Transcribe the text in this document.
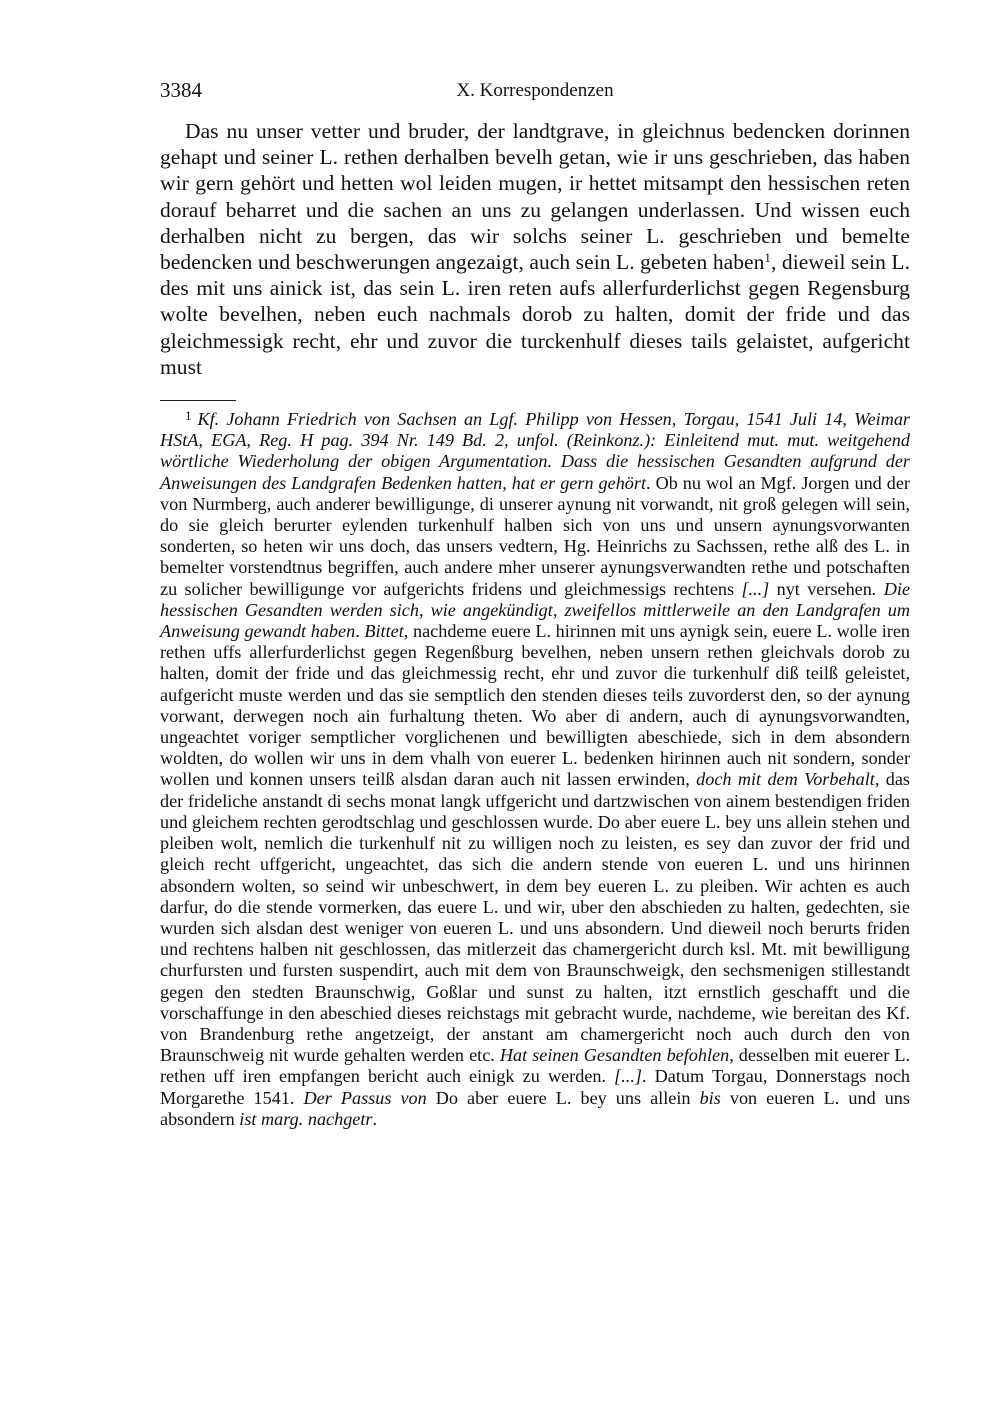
3384	X. Korrespondenzen

Das nu unser vetter und bruder, der landtgrave, in gleichnus bedencken dorinnen gehapt und seiner L. rethen derhalben bevelh getan, wie ir uns geschrieben, das haben wir gern gehört und hetten wol leiden mugen, ir hettet mitsampt den hessischen reten dorauf beharret und die sachen an uns zu gelangen underlassen. Und wissen euch derhalben nicht zu bergen, das wir solchs seiner L. geschrieben und bemelte bedencken und beschwerungen angezaigt, auch sein L. gebeten haben$^1$, dieweil sein L. des mit uns ainick ist, das sein L. iren reten aufs allerfurderlichst gegen Regensburg wolte bevelhen, neben euch nachmals dorob zu halten, domit der fride und das gleichmessigk recht, ehr und zuvor die turckenhulf dieses tails gelaistet, aufgericht must

$^1$ Kf. Johann Friedrich von Sachsen an Lgf. Philipp von Hessen, Torgau, 1541 Juli 14, Weimar HStA, EGA, Reg. H pag. 394 Nr. 149 Bd. 2, unfol. (Reinkonz.): Einleitend mut. mut. weitgehend wörtliche Wiederholung der obigen Argumentation. Dass die hessischen Gesandten aufgrund der Anweisungen des Landgrafen Bedenken hatten, hat er gern gehört. Ob nu wol an Mgf. Jorgen und der von Nurmberg, auch anderer bewilligunge, di unserer aynung nit vorwandt, nit groß gelegen will sein, do sie gleich berurter eylenden turkenhulf halben sich von uns und unsern aynungsvorwanten sonderten, so heten wir uns doch, das unsers vedtern, Hg. Heinrichs zu Sachssen, rethe alß des L. in bemelter vorstendtnus begriffen, auch andere mher unserer aynungsverwandten rethe und potschaften zu solicher bewilligunge vor aufgerichts fridens und gleichmessigs rechtens [...] nyt versehen. Die hessischen Gesandten werden sich, wie angekündigt, zweifellos mittlerweile an den Landgrafen um Anweisung gewandt haben. Bittet, nachdeme euere L. hirinnen mit uns aynigk sein, euere L. wolle iren rethen uffs allerfurderlichst gegen Regenßburg bevelhen, neben unsern rethen gleichvals dorob zu halten, domit der fride und das gleichmessig recht, ehr und zuvor die turkenhulf diß teilß geleistet, aufgericht muste werden und das sie semptlich den stenden dieses teils zuvorderst den, so der aynung vorwant, derwegen noch ain furhaltung theten. Wo aber di andern, auch di aynungsvorwandten, ungeachtet voriger semptlicher vorglichenen und bewilligten abeschiede, sich in dem absondern woldten, do wollen wir uns in dem vhalh von euerer L. bedenken hirinnen auch nit sondern, sonder wollen und konnen unsers teilß alsdan daran auch nit lassen erwinden, doch mit dem Vorbehalt, das der frideliche anstandt di sechs monat langk uffgericht und dartzwischen von ainem bestendigen friden und gleichem rechten gerodtschlag und geschlossen wurde. Do aber euere L. bey uns allein stehen und pleiben wolt, nemlich die turkenhulf nit zu willigen noch zu leisten, es sey dan zuvor der frid und gleich recht uffgericht, ungeachtet, das sich die andern stende von eueren L. und uns hirinnen absondern wolten, so seind wir unbeschwert, in dem bey eueren L. zu pleiben. Wir achten es auch darfur, do die stende vormerken, das euere L. und wir, uber den abschieden zu halten, gedechten, sie wurden sich alsdan dest weniger von eueren L. und uns absondern. Und dieweil noch berurts friden und rechtens halben nit geschlossen, das mitlerzeit das chamergericht durch ksl. Mt. mit bewilligung churfursten und fursten suspendirt, auch mit dem von Braunschweigk, den sechsmenigen stillestandt gegen den stedten Braunschwig, Goßlar und sunst zu halten, itzt ernstlich geschafft und die vorschaffunge in den abeschied dieses reichstags mit gebracht wurde, nachdeme, wie bereitan des Kf. von Brandenburg rethe angetzeigt, der anstant am chamergericht noch auch durch den von Braunschweig nit wurde gehalten werden etc. Hat seinen Gesandten befohlen, desselben mit euerer L. rethen uff iren empfangen bericht auch einigk zu werden. [...]. Datum Torgau, Donnerstags noch Morgarethe 1541. Der Passus von Do aber euere L. bey uns allein bis von eueren L. und uns absondern ist marg. nachgetr.
